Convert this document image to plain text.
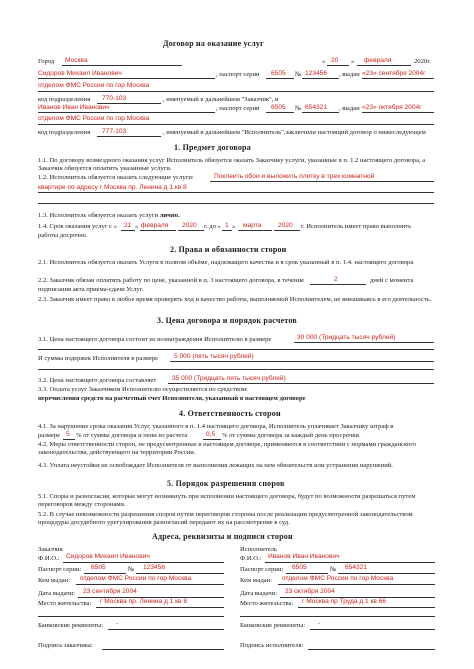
Договор на оказание услуг
Город Москва	« 20 » февраля	2020г.
Сидоров Михаил Иванович	, паспорт серии 6505 № 123456 , выдан «23» сентября 2004г
отделом ФМС России по гор Москва
код подразделения 770-103	, именуемый в дальнейшем "Заказчик", и
Иванов Иван Иванович	, паспорт серии 6505 № 654321 , выдан «23» октября 2004г
отделом ФМС России по гор Москва
код подразделения 777-103	, именуемый в дальнейшем "Исполнитель",заключили настоящий договор о нижеследующем
1. Предмет договора
1.1. По договору возмездного оказания услуг Исполнитель обязуется оказать Заказчику услуги, указанные в п. 1.2 настоящего договора, а Заказчик обязуется оплатить указанные услуги.
1.2. Исполнитель обязуется оказать следующие услуги:	Поклеить обои и выложить плитку в трех комнатной
квартире по адресу г Москва пр. Ленина д 1 кв 8
1.3. Исполнитель обязуется оказать услуги лично.
1.4. Срок оказания услуг с « 21 » февраля 2020 г. до « 1 » марта	2020 г. Исполнитель имеет право выполнить
работы досрочно.
2. Права и обязанности сторон
2.1. Исполнитель обязуется оказать Услуги в полном объёме, надлежащего качества и в срок указанный в п. 1.4. настоящего договора
2.2. Заказчик обязан оплатить работу по цене, указанной в п. 3 настоящего договора, в течение	2	дней с момента
подписания акта приема-сдачи Услуг.
2.3. Заказчик имеет право в любое время проверять ход и качество работы, выполняемой Исполнителем, не вмешиваясь в его деятельность.
3. Цена договора и порядок расчетов
3.1. Цена настоящего договора состоит из вознаграждения Исполнителю в размере	30 000 (Тридцать тысяч рублей)
И суммы издержек Исполнителя в размере 5 000 (пять тысяч рублей)
3.2. Цена настоящего договора составляет 35 000 (Тридцать пять тысяч рублей)
3.3. Оплата услуг Заказчиком Исполнителю осуществляется по средством:
перечисления средств на расчетный счет Исполнителя, указанный в настоящем договоре
4. Ответственность сторон
4.1. За нарушение срока оказания Услуг, указанного в п. 1.4 настоящего договора, Исполнитель уплачивает Заказчику штраф в
размере 5 % от суммы договора и пени из расчета	0,5 % от суммы договора за каждый день просрочки.
4.2. Меры ответственности сторон, не предусмотренные в настоящем договоре, применяются в соответствии с нормами гражданского законодательства, действующего на территории России.
4.3. Уплата неустойки не освобождает Исполнителя от выполнения лежащих на нем обязательств или устранения нарушений.
5. Порядок разрешения споров
5.1. Споры и разногласия, которые могут возникнуть при исполнении настоящего договора, будут по возможности разрешаться путем переговоров между сторонами.
5.2. В случае невозможности разрешения споров путем переговоров стороны после реализации предусмотренной законодательством процедуры досудебного урегулирования разногласий передают их на рассмотрение в суд.
Адреса, реквизиты и подписи сторон
Заказчик
Ф.И.О.: Сидоров Михаил Иванович
Паспорт серии: 6505	№ 123456
Кем выдан: отделом ФМС России по гор Москва
Дата выдачи: 23 сентября 2004
Место жительства: г Москва пр. Ленина д 1 кв 8
Банковские реквизиты: -
Подпись заказчика:
Исполнитель
Ф.И.О.: Иванов Иван Иванович
Паспорт серии: 6505	№ 654321
Кем выдан: отделом ФМС России по гор Москва
Дата выдачи: 23 октября 2004
Место жительства: г Москва пр Труда д 1 кв 66
Банковские реквизиты: -
Подпись исполнителя:
